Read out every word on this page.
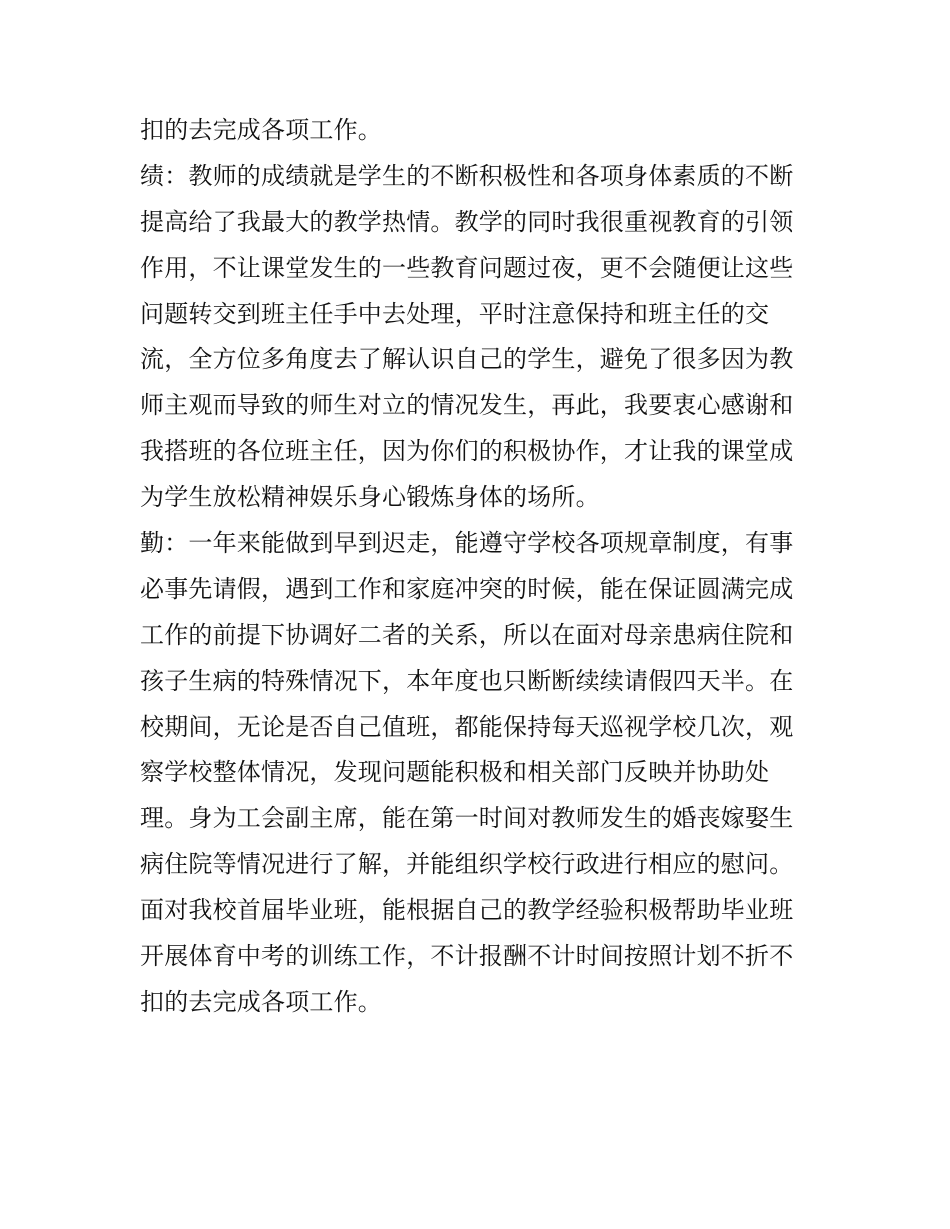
扣的去完成各项工作。
绩：教师的成绩就是学生的不断积极性和各项身体素质的不断
提高给了我最大的教学热情。教学的同时我很重视教育的引领
作用，不让课堂发生的一些教育问题过夜，更不会随便让这些
问题转交到班主任手中去处理，平时注意保持和班主任的交
流，全方位多角度去了解认识自己的学生，避免了很多因为教
师主观而导致的师生对立的情况发生，再此，我要衷心感谢和
我搭班的各位班主任，因为你们的积极协作，才让我的课堂成
为学生放松精神娱乐身心锻炼身体的场所。
勤：一年来能做到早到迟走，能遵守学校各项规章制度，有事
必事先请假，遇到工作和家庭冲突的时候，能在保证圆满完成
工作的前提下协调好二者的关系，所以在面对母亲患病住院和
孩子生病的特殊情况下，本年度也只断断续续请假四天半。在
校期间，无论是否自己值班，都能保持每天巡视学校几次，观
察学校整体情况，发现问题能积极和相关部门反映并协助处
理。身为工会副主席，能在第一时间对教师发生的婚丧嫁娶生
病住院等情况进行了解，并能组织学校行政进行相应的慰问。
面对我校首届毕业班，能根据自己的教学经验积极帮助毕业班
开展体育中考的训练工作，不计报酬不计时间按照计划不折不
扣的去完成各项工作。
